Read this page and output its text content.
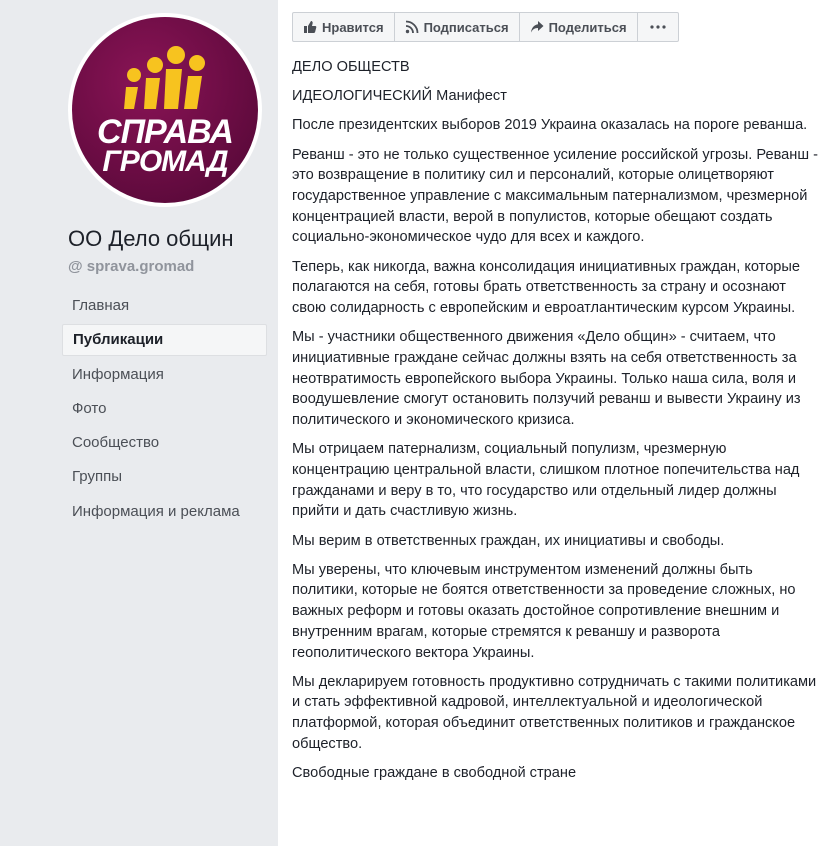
СПРАВА
ГРОМАД
ОО Дело общин
@ sprava.gromad
Главная
Публикации
Информация
Фото
Сообщество
Группы
Информация и реклама
Нравится	Подписаться	Поделиться

ДЕЛО ОБЩЕСТВ

ИДЕОЛОГИЧЕСКИЙ Манифест

После президентских выборов 2019 Украина оказалась на пороге реванша.

Реванш - это не только существенное усиление российской угрозы. Реванш - это возвращение в политику сил и персоналий, которые олицетворяют государственное управление с максимальным патернализмом, чрезмерной концентрацией власти, верой в популистов, которые обещают создать социально-экономическое чудо для всех и каждого.

Теперь, как никогда, важна консолидация инициативных граждан, которые полагаются на себя, готовы брать ответственность за страну и осознают свою солидарность с европейским и евроатлантическим курсом Украины.

Мы - участники общественного движения «Дело общин» - считаем, что инициативные граждане сейчас должны взять на себя ответственность за неотвратимость европейского выбора Украины. Только наша сила, воля и воодушевление смогут остановить ползучий реванш и вывести Украину из политического и экономического кризиса.

Мы отрицаем патернализм, социальный популизм, чрезмерную концентрацию центральной власти, слишком плотное попечительства над гражданами и веру в то, что государство или отдельный лидер должны прийти и дать счастливую жизнь.

Мы верим в ответственных граждан, их инициативы и свободы.

Мы уверены, что ключевым инструментом изменений должны быть политики, которые не боятся ответственности за проведение сложных, но важных реформ и готовы оказать достойное сопротивление внешним и внутренним врагам, которые стремятся к реваншу и разворота геополитического вектора Украины.

Мы декларируем готовность продуктивно сотрудничать с такими политиками и стать эффективной кадровой, интеллектуальной и идеологической платформой, которая объединит ответственных политиков и гражданское общество.

Свободные граждане в свободной стране
